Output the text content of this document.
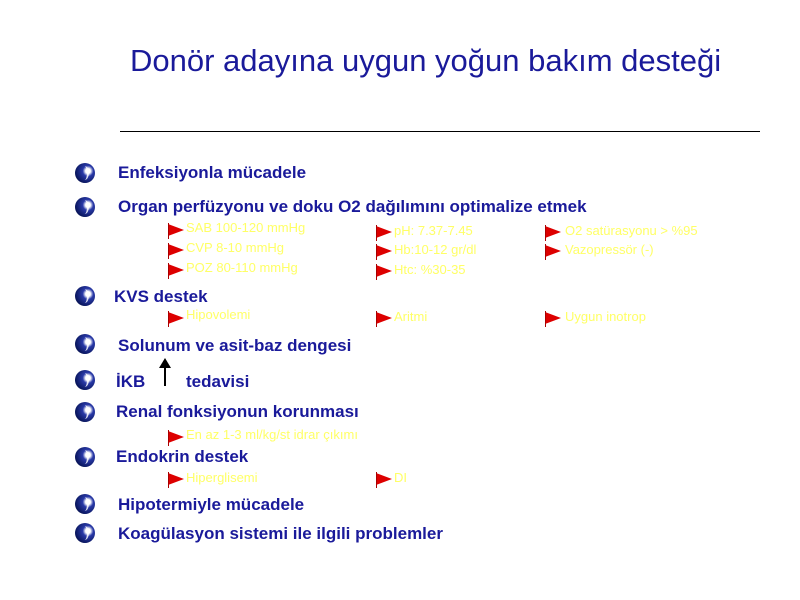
Donör adayına uygun yoğun bakım desteği
Enfeksiyonla mücadele
Organ perfüzyonu ve doku O2 dağılımını optimalize etmek
SAB 100-120 mmHg	pH: 7.37-7.45	O2 satürasyonu > %95
CVP 8-10 mmHg	Hb:10-12 gr/dl	Vazopressör (-)
POZ 80-110 mmHg	Htc: %30-35
KVS destek
Hipovolemi	Aritmi	Uygun inotrop
Solunum ve asit-baz dengesi
İKB tedavisi
Renal fonksiyonun korunması
En az 1-3 ml/kg/st idrar çıkımı
Endokrin destek
Hiperglisemi	DI
Hipotermiyle mücadele
Koagülasyon sistemi ile ilgili problemler
